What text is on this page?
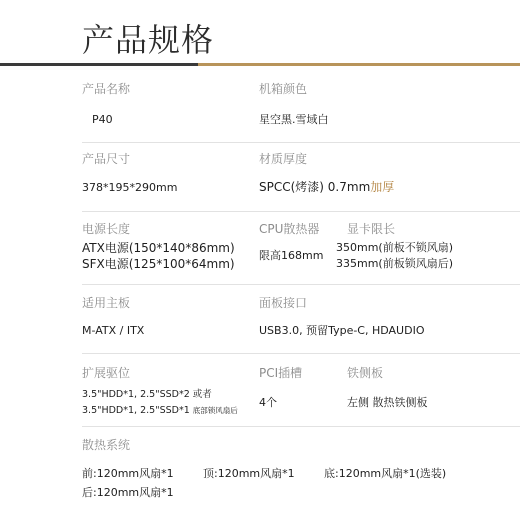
产品规格
产品名称
P40
机箱颜色
星空黑.雪域白
产品尺寸
378*195*290mm
材质厚度
SPCC(烤漆) 0.7mm加厚
电源长度
ATX电源(150*140*86mm)
SFX电源(125*100*64mm)
CPU散热器
限高168mm
显卡限长
350mm(前板不锁风扇)
335mm(前板锁风扇后)
适用主板
M-ATX / ITX
面板接口
USB3.0, 预留Type-C, HDAUDIO
扩展驱位
3.5"HDD*1, 2.5"SSD*2 或者
3.5"HDD*1, 2.5"SSD*1 底部锁风扇后
PCI插槽
4个
铁侧板
左侧 散热铁侧板
散热系统
前:120mm风扇*1	顶:120mm风扇*1	底:120mm风扇*1(选装)
后:120mm风扇*1
